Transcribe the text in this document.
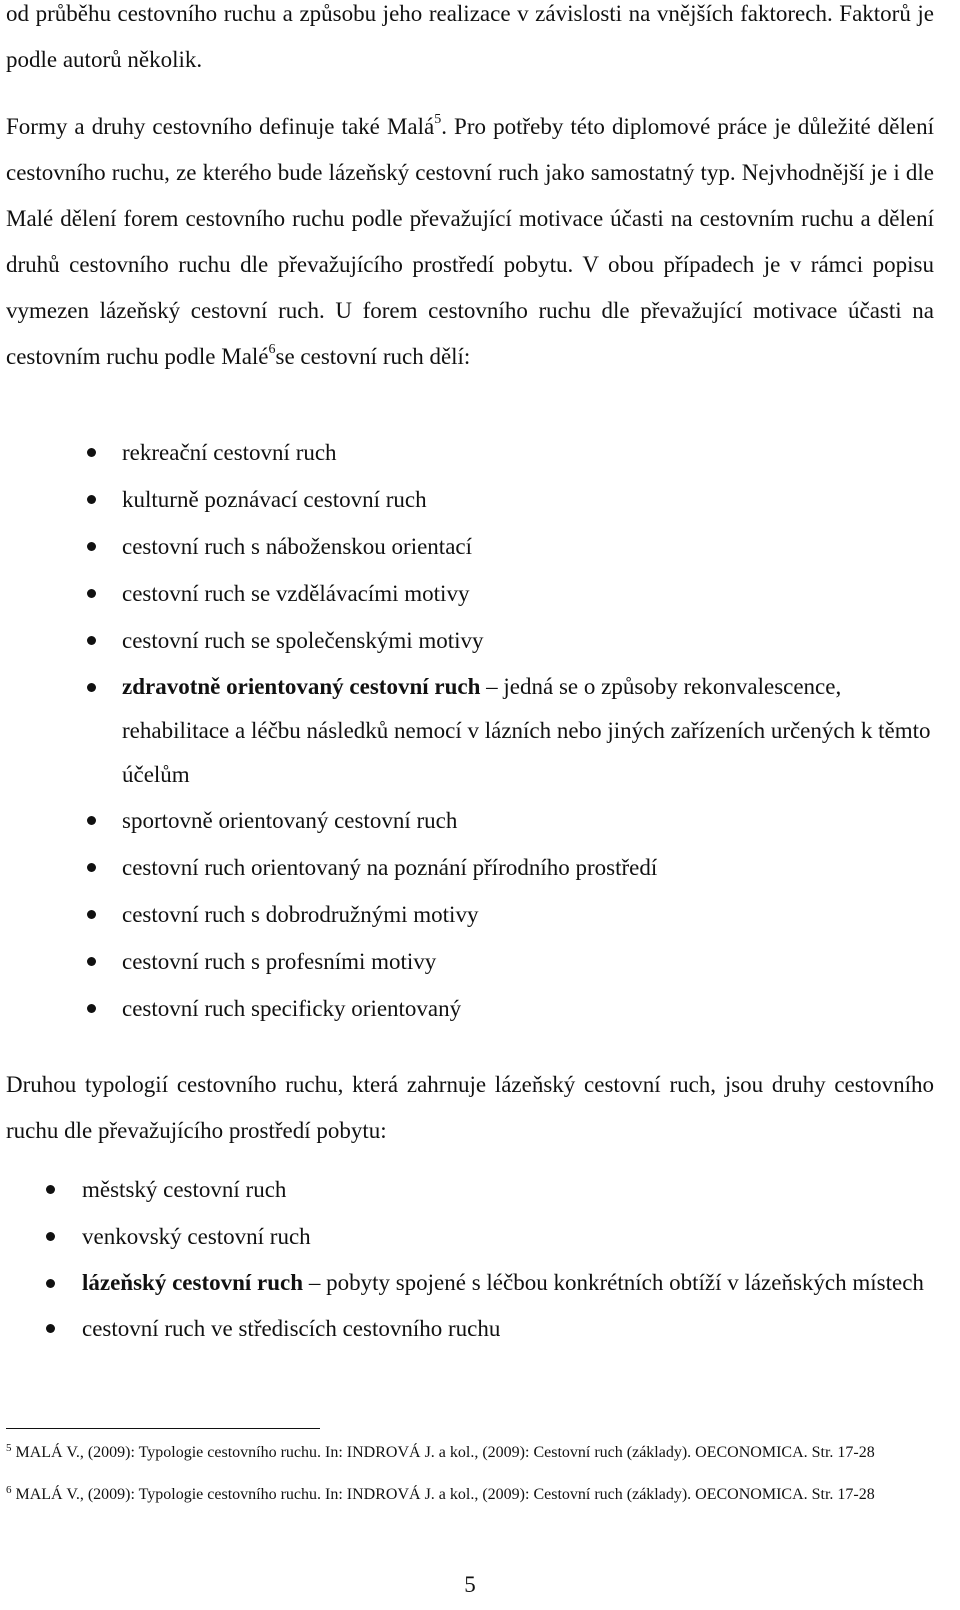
od průběhu cestovního ruchu a způsobu jeho realizace v závislosti na vnějších faktorech. Faktorů je podle autorů několik.

Formy a druhy cestovního definuje také Malá$^5$. Pro potřeby této diplomové práce je důležité dělení cestovního ruchu, ze kterého bude lázeňský cestovní ruch jako samostatný typ. Nejvhodnější je i dle Malé dělení forem cestovního ruchu podle převažující motivace účasti na cestovním ruchu a dělení druhů cestovního ruchu dle převažujícího prostředí pobytu. V obou případech je v rámci popisu vymezen lázeňský cestovní ruch. U forem cestovního ruchu dle převažující motivace účasti na cestovním ruchu podle Malé$^6$se cestovní ruch dělí:

rekreační cestovní ruch
kulturně poznávací cestovní ruch
cestovní ruch s náboženskou orientací
cestovní ruch se vzdělávacími motivy
cestovní ruch se společenskými motivy
zdravotně orientovaný cestovní ruch – jedná se o způsoby rekonvalescence, rehabilitace a léčbu následků nemocí v lázních nebo jiných zařízeních určených k těmto účelům
sportovně orientovaný cestovní ruch
cestovní ruch orientovaný na poznání přírodního prostředí
cestovní ruch s dobrodružnými motivy
cestovní ruch s profesními motivy
cestovní ruch specificky orientovaný

Druhou typologií cestovního ruchu, která zahrnuje lázeňský cestovní ruch, jsou druhy cestovního ruchu dle převažujícího prostředí pobytu:

městský cestovní ruch
venkovský cestovní ruch
lázeňský cestovní ruch – pobyty spojené s léčbou konkrétních obtíží v lázeňských místech
cestovní ruch ve střediscích cestovního ruchu
$^5$ MALÁ V., (2009): Typologie cestovního ruchu. In: INDROVÁ J. a kol., (2009): Cestovní ruch (základy). OECONOMICA. Str. 17-28
$^6$ MALÁ V., (2009): Typologie cestovního ruchu. In: INDROVÁ J. a kol., (2009): Cestovní ruch (základy). OECONOMICA. Str. 17-28
5
